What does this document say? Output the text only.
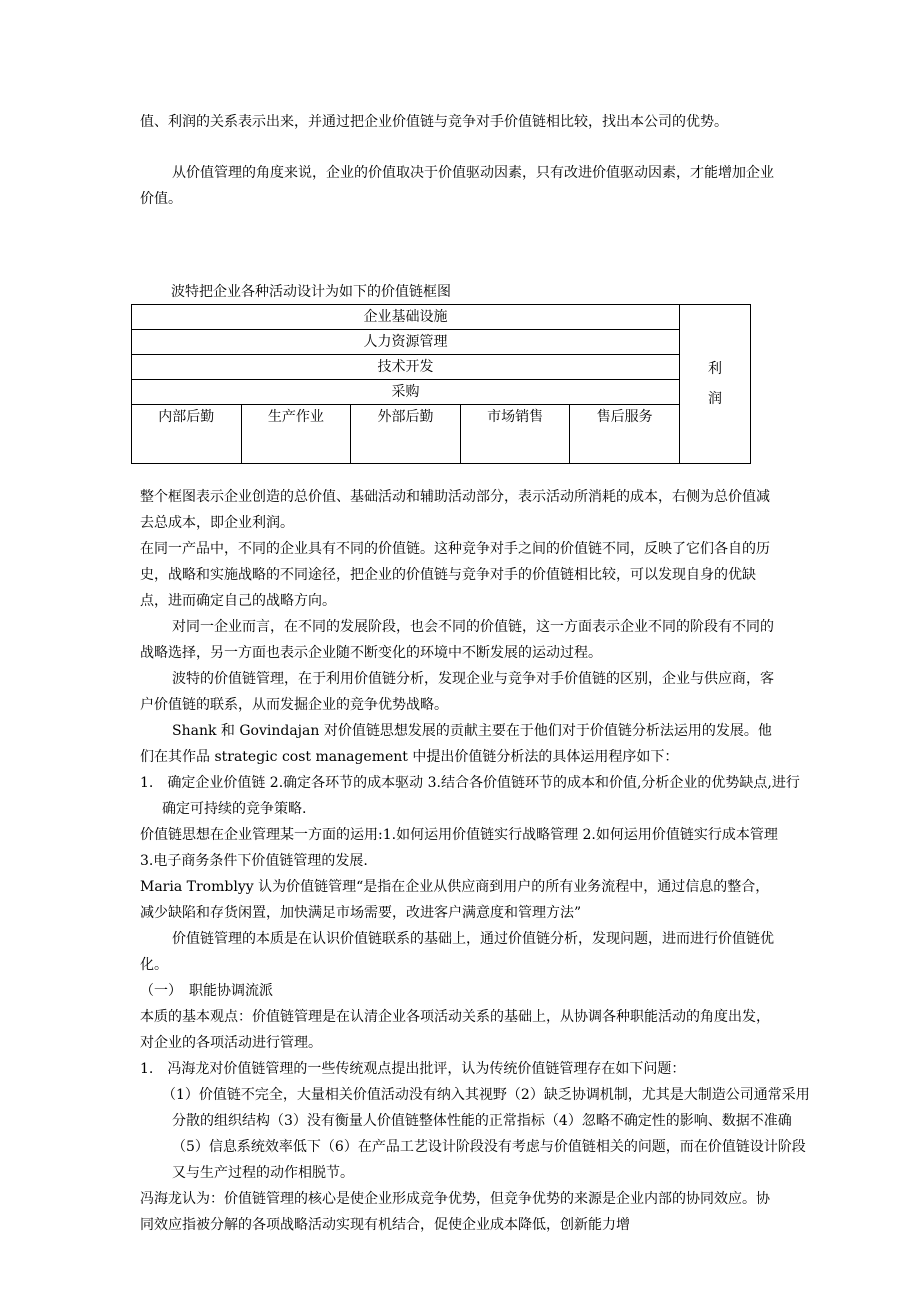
值、利润的关系表示出来，并通过把企业价值链与竞争对手价值链相比较，找出本公司的优势。

从价值管理的角度来说，企业的价值取决于价值驱动因素，只有改进价值驱动因素，才能增加企业价值。

波特把企业各种活动设计为如下的价值链框图
企业基础设施					利
润
人力资源管理					
技术开发					
采购					
内部后勤	生产作业	外部后勤	市场销售	售后服务	

整个框图表示企业创造的总价值、基础活动和辅助活动部分，表示活动所消耗的成本，右侧为总价值减去总成本，即企业利润。

在同一产品中，不同的企业具有不同的价值链。这种竞争对手之间的价值链不同，反映了它们各自的历史，战略和实施战略的不同途径，把企业的价值链与竞争对手的价值链相比较，可以发现自身的优缺点，进而确定自己的战略方向。

对同一企业而言，在不同的发展阶段，也会不同的价值链，这一方面表示企业不同的阶段有不同的战略选择，另一方面也表示企业随不断变化的环境中不断发展的运动过程。

波特的价值链管理，在于利用价值链分析，发现企业与竞争对手价值链的区别，企业与供应商，客户价值链的联系，从而发掘企业的竞争优势战略。

Shank 和 Govindajan 对价值链思想发展的贡献主要在于他们对于价值链分析法运用的发展。他们在其作品 strategic cost management 中提出价值链分析法的具体运用程序如下：

1.　确定企业价值链 2.确定各环节的成本驱动 3.结合各价值链环节的成本和价值,分析企业的优势缺点,进行确定可持续的竞争策略.

价值链思想在企业管理某一方面的运用:1.如何运用价值链实行战略管理 2.如何运用价值链实行成本管理 3.电子商务条件下价值链管理的发展.

Maria Tromblyy 认为价值链管理“是指在企业从供应商到用户的所有业务流程中，通过信息的整合，减少缺陷和存货闲置，加快满足市场需要，改进客户满意度和管理方法”

价值链管理的本质是在认识价值链联系的基础上，通过价值链分析，发现问题，进而进行价值链优化。

（一）　职能协调流派

本质的基本观点：价值链管理是在认清企业各项活动关系的基础上，从协调各种职能活动的角度出发，对企业的各项活动进行管理。

1.　冯海龙对价值链管理的一些传统观点提出批评，认为传统价值链管理存在如下问题：

（1）价值链不完全，大量相关价值活动没有纳入其视野（2）缺乏协调机制，尤其是大制造公司通常采用分散的组织结构（3）没有衡量人价值链整体性能的正常指标（4）忽略不确定性的影响、数据不准确（5）信息系统效率低下（6）在产品工艺设计阶段没有考虑与价值链相关的问题，而在价值链设计阶段又与生产过程的动作相脱节。

冯海龙认为：价值链管理的核心是使企业形成竞争优势，但竞争优势的来源是企业内部的协同效应。协同效应指被分解的各项战略活动实现有机结合，促使企业成本降低，创新能力增
